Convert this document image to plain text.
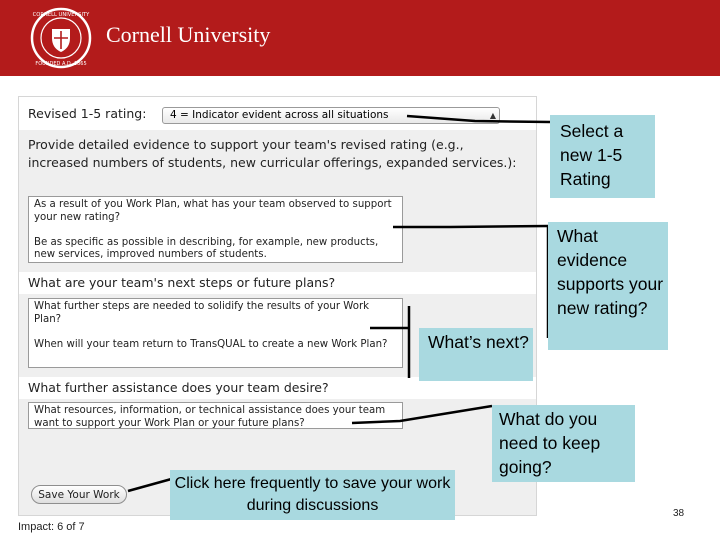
CORNELL UNIVERSITY
FOUNDED A.D. 1865
Cornell University
Revised 1-5 rating:	4 = Indicator evident across all situations	▲

Provide detailed evidence to support your team's revised rating (e.g., increased numbers of students, new curricular offerings, expanded services.):
As a result of you Work Plan, what has your team observed to support your new rating?

Be as specific as possible in describing, for example, new products, new services, improved numbers of students.
What are your team's next steps or future plans?
What further steps are needed to solidify the results of your Work Plan?

When will your team return to TransQUAL to create a new Work Plan?
What further assistance does your team desire?
What resources, information, or technical assistance does your team want to support your Work Plan or your future plans?
Save Your Work
Select a new 1-5 Rating
What evidence supports your new rating?
What’s next?
What do you need to keep going?
Click here frequently to save your work during discussions
Impact: 6 of 7
38
